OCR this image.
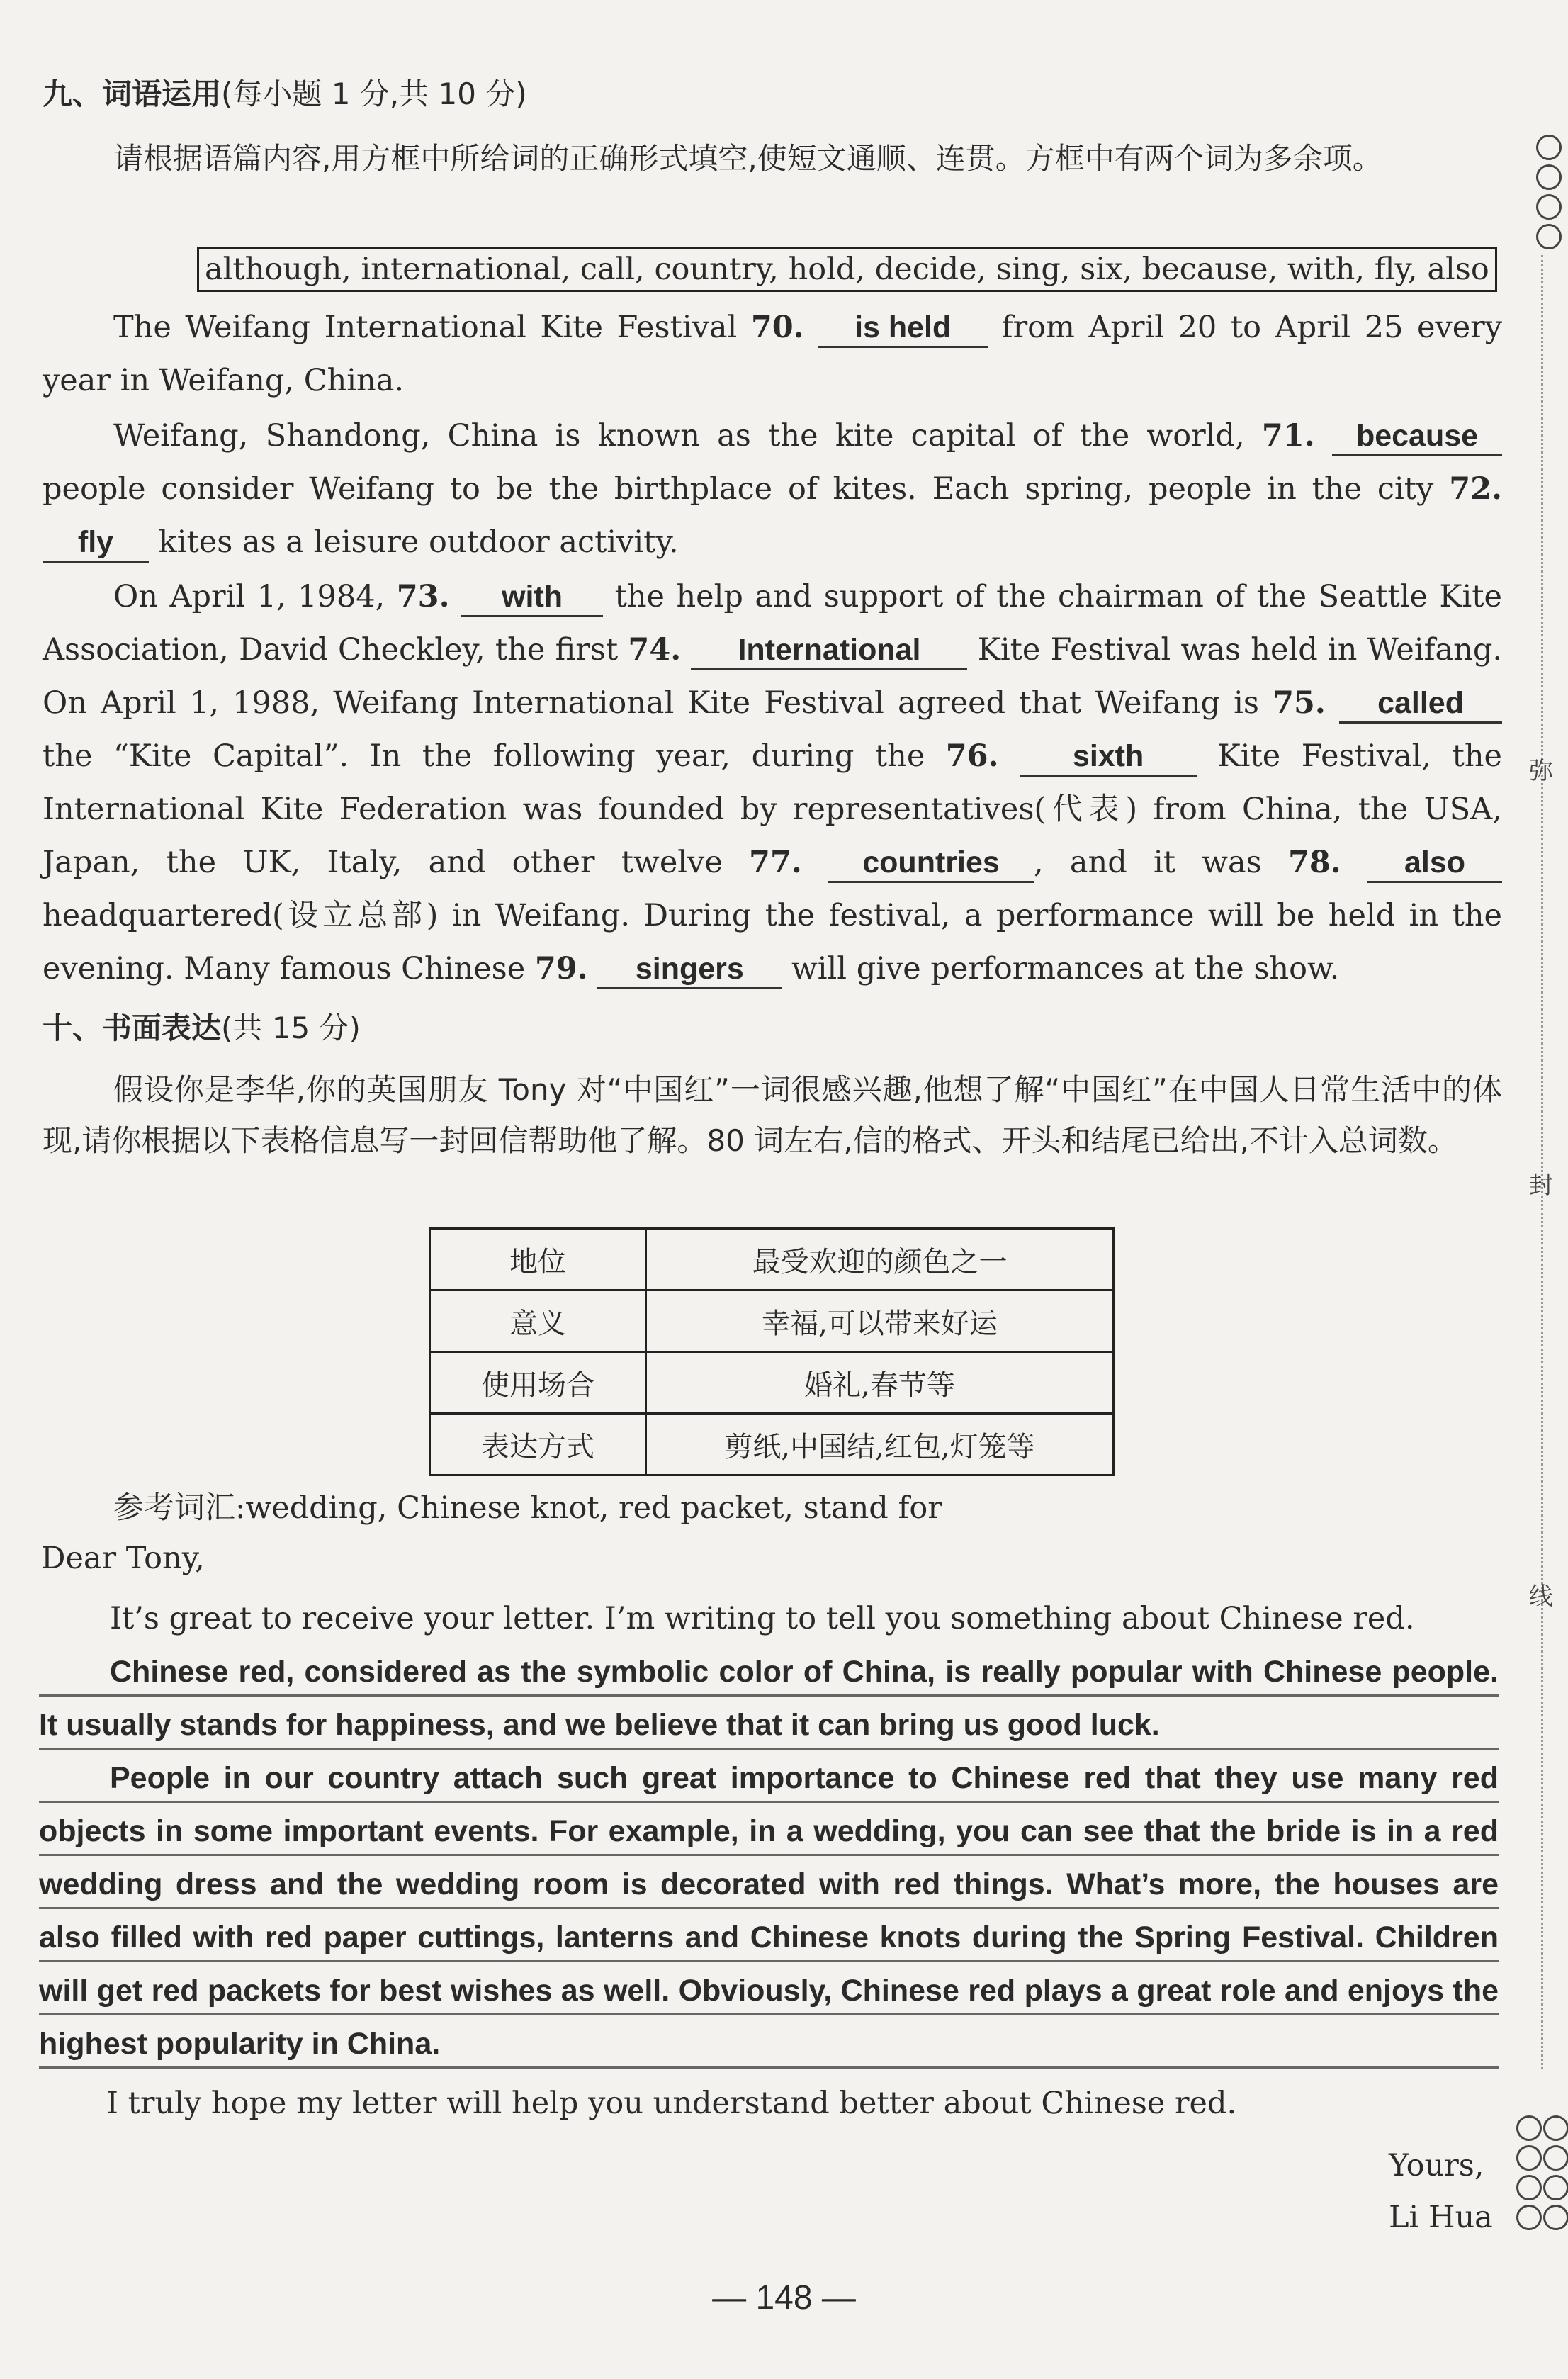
九、词语运用(每小题 1 分,共 10 分)
请根据语篇内容,用方框中所给词的正确形式填空,使短文通顺、连贯。方框中有两个词为多余项。
although, international, call, country, hold, decide, sing, six, because, with, fly, also
The Weifang International Kite Festival 70. is held from April 20 to April 25 every year in Weifang, China.
Weifang, Shandong, China is known as the kite capital of the world, 71. because people consider Weifang to be the birthplace of kites. Each spring, people in the city 72. fly kites as a leisure outdoor activity.
On April 1, 1984, 73. with the help and support of the chairman of the Seattle Kite Association, David Checkley, the first 74. International Kite Festival was held in Weifang. On April 1, 1988, Weifang International Kite Festival agreed that Weifang is 75. called the “Kite Capital”. In the following year, during the 76. sixth Kite Festival, the International Kite Federation was founded by representatives(代表) from China, the USA, Japan, the UK, Italy, and other twelve 77. countries , and it was 78. also headquartered(设立总部) in Weifang. During the festival, a performance will be held in the evening. Many famous Chinese 79. singers will give performances at the show.
十、书面表达(共 15 分)
假设你是李华,你的英国朋友 Tony 对“中国红”一词很感兴趣,他想了解“中国红”在中国人日常生活中的体现,请你根据以下表格信息写一封回信帮助他了解。80 词左右,信的格式、开头和结尾已给出,不计入总词数。
地位	最受欢迎的颜色之一
意义	幸福,可以带来好运
使用场合	婚礼,春节等
表达方式	剪纸,中国结,红包,灯笼等
参考词汇:wedding, Chinese knot, red packet, stand for
Dear Tony,
It’s great to receive your letter. I’m writing to tell you something about Chinese red.

Chinese red, considered as the symbolic color of China, is really popular with Chinese people. It usually stands for happiness, and we believe that it can bring us good luck.

People in our country attach such great importance to Chinese red that they use many red objects in some important events. For example, in a wedding, you can see that the bride is in a red wedding dress and the wedding room is decorated with red things. What’s more, the houses are also filled with red paper cuttings, lanterns and Chinese knots during the Spring Festival. Children will get red packets for best wishes as well. Obviously, Chinese red plays a great role and enjoys the highest popularity in China.

I truly hope my letter will help you understand better about Chinese red.
Yours,
Li Hua
— 148 —
弥
封
线
